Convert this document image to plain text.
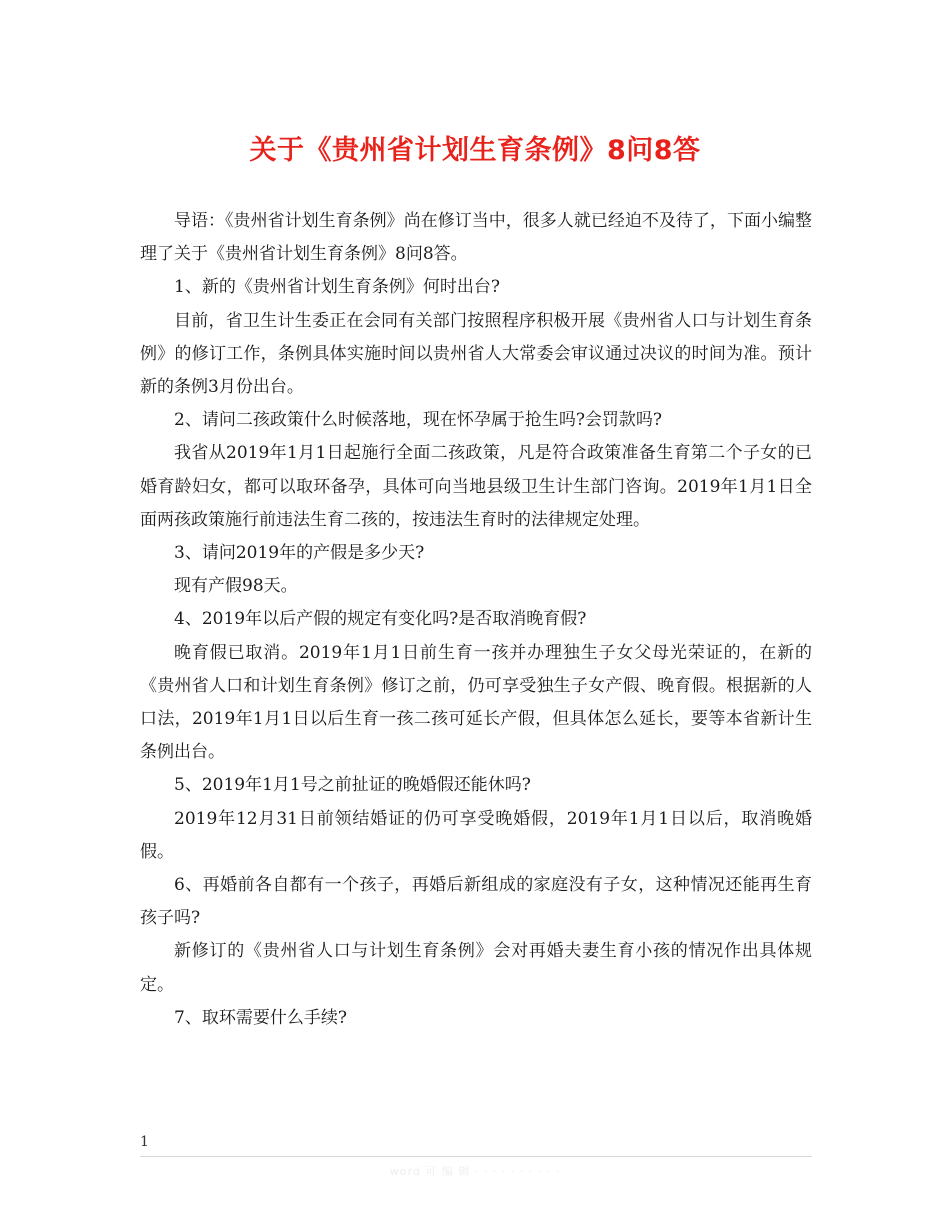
关于《贵州省计划生育条例》8问8答

导语：《贵州省计划生育条例》尚在修订当中，很多人就已经迫不及待了，下面小编整理了关于《贵州省计划生育条例》8问8答。

1、新的《贵州省计划生育条例》何时出台?

目前，省卫生计生委正在会同有关部门按照程序积极开展《贵州省人口与计划生育条例》的修订工作，条例具体实施时间以贵州省人大常委会审议通过决议的时间为准。预计新的条例3月份出台。

2、请问二孩政策什么时候落地，现在怀孕属于抢生吗?会罚款吗?

我省从2019年1月1日起施行全面二孩政策，凡是符合政策准备生育第二个子女的已婚育龄妇女，都可以取环备孕，具体可向当地县级卫生计生部门咨询。2019年1月1日全面两孩政策施行前违法生育二孩的，按违法生育时的法律规定处理。

3、请问2019年的产假是多少天?

现有产假98天。

4、2019年以后产假的规定有变化吗?是否取消晚育假?

晚育假已取消。2019年1月1日前生育一孩并办理独生子女父母光荣证的，在新的《贵州省人口和计划生育条例》修订之前，仍可享受独生子女产假、晚育假。根据新的人口法，2019年1月1日以后生育一孩二孩可延长产假，但具体怎么延长，要等本省新计生条例出台。

5、2019年1月1号之前扯证的晚婚假还能休吗?

2019年12月31日前领结婚证的仍可享受晚婚假，2019年1月1日以后，取消晚婚假。

6、再婚前各自都有一个孩子，再婚后新组成的家庭没有子女，这种情况还能再生育孩子吗?

新修订的《贵州省人口与计划生育条例》会对再婚夫妻生育小孩的情况作出具体规定。

7、取环需要什么手续?

1
word 可 编 辑 · · · · · · · · · ·
